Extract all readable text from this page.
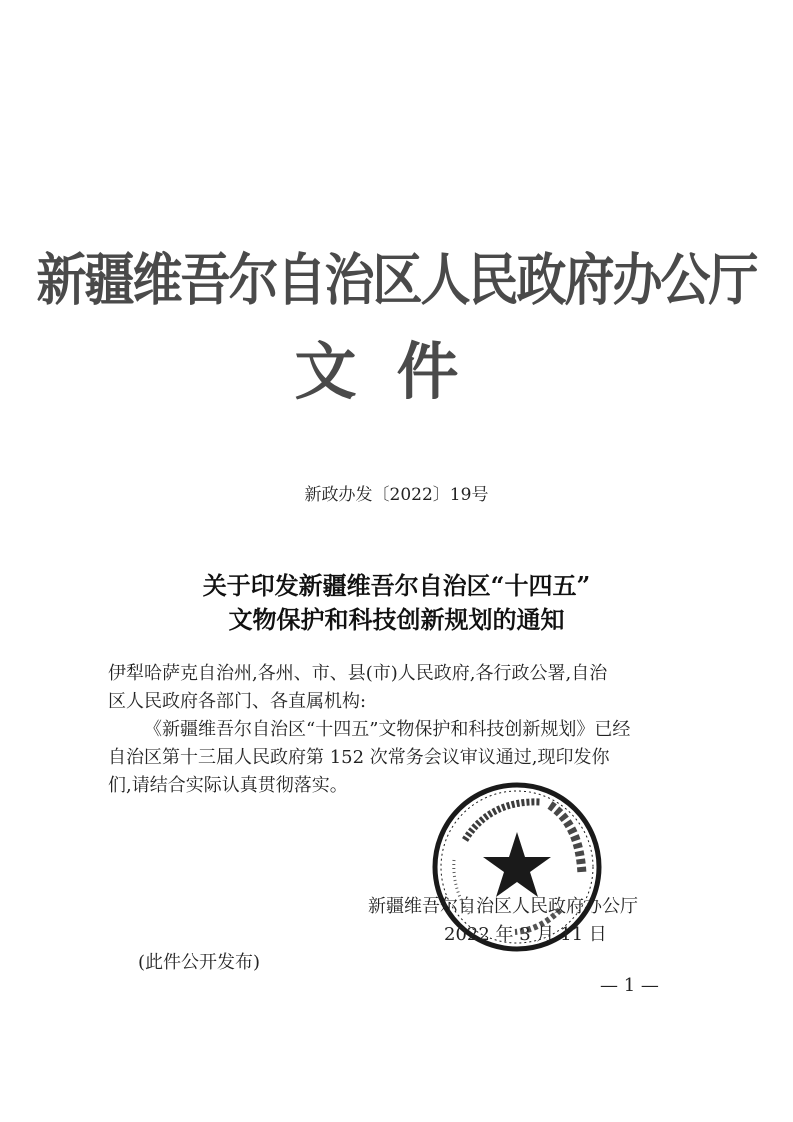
新疆维吾尔自治区人民政府办公厅
文件
新政办发〔2022〕19号
关于印发新疆维吾尔自治区“十四五”
文物保护和科技创新规划的通知
伊犁哈萨克自治州,各州、市、县(市)人民政府,各行政公署,自治
区人民政府各部门、各直属机构:
《新疆维吾尔自治区“十四五”文物保护和科技创新规划》已经
自治区第十三届人民政府第 152 次常务会议审议通过,现印发你
们,请结合实际认真贯彻落实。
新疆维吾尔自治区人民政府办公厅
2022 年 3 月 11 日
(此件公开发布)
— 1 —
